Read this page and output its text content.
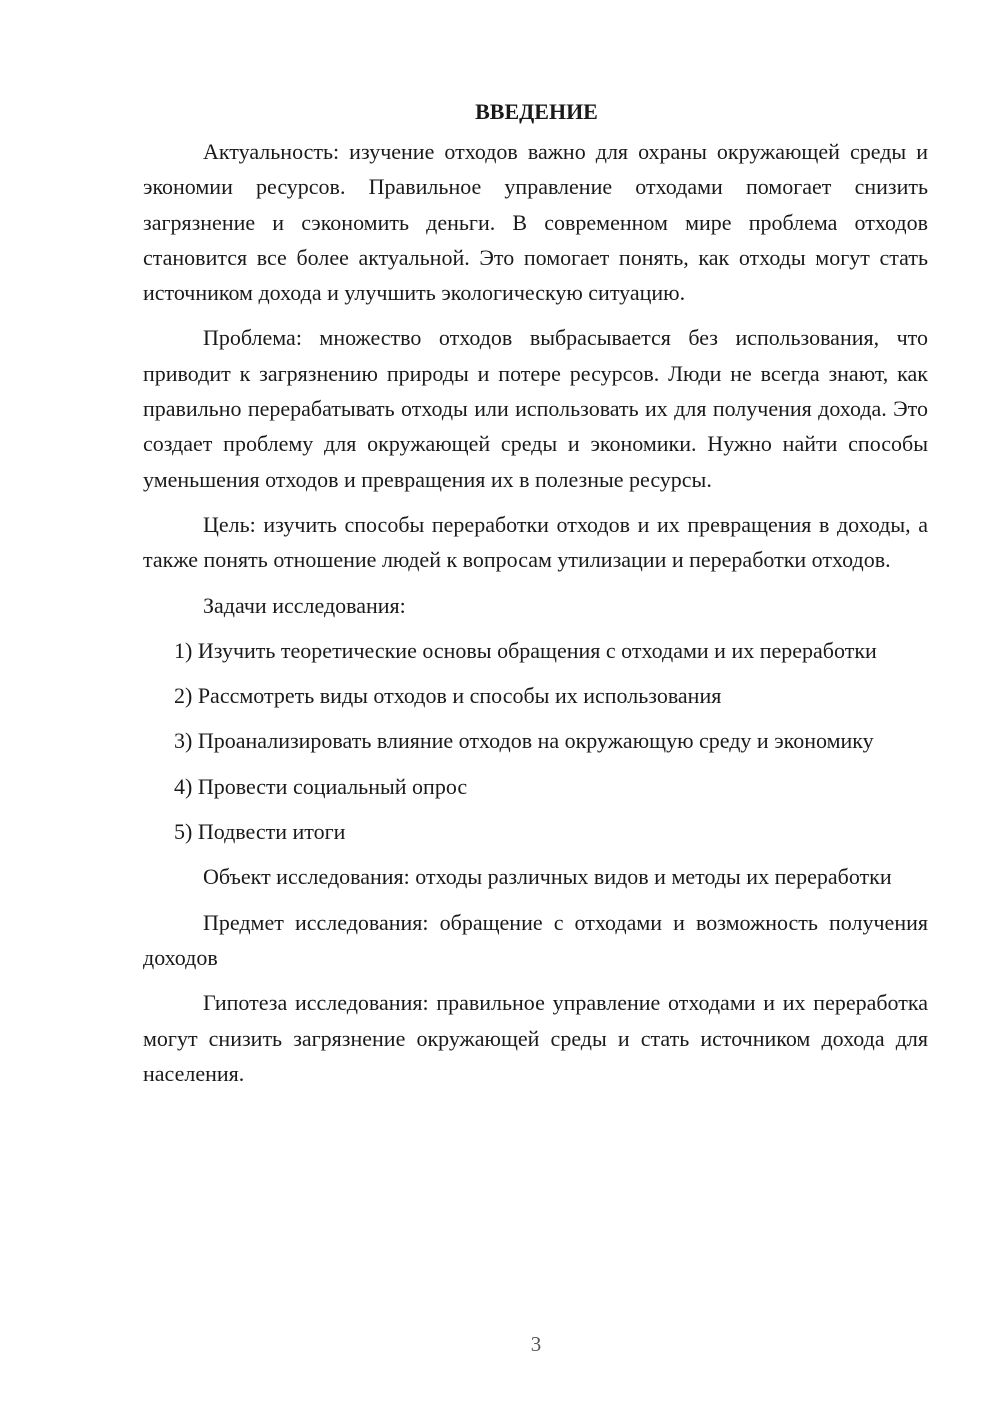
ВВЕДЕНИЕ

Актуальность: изучение отходов важно для охраны окружающей среды и экономии ресурсов. Правильное управление отходами помогает снизить загрязнение и сэкономить деньги. В современном мире проблема отходов становится все более актуальной. Это помогает понять, как отходы могут стать источником дохода и улучшить экологическую ситуацию.

Проблема: множество отходов выбрасывается без использования, что приводит к загрязнению природы и потере ресурсов. Люди не всегда знают, как правильно перерабатывать отходы или использовать их для получения дохода. Это создает проблему для окружающей среды и экономики. Нужно найти способы уменьшения отходов и превращения их в полезные ресурсы.

Цель: изучить способы переработки отходов и их превращения в доходы, а также понять отношение людей к вопросам утилизации и переработки отходов.

Задачи исследования:

1) Изучить теоретические основы обращения с отходами и их переработки

2) Рассмотреть виды отходов и способы их использования

3) Проанализировать влияние отходов на окружающую среду и экономику

4) Провести социальный опрос

5) Подвести итоги

Объект исследования: отходы различных видов и методы их переработки

Предмет исследования: обращение с отходами и возможность получения доходов

Гипотеза исследования: правильное управление отходами и их переработка могут снизить загрязнение окружающей среды и стать источником дохода для населения.

3
